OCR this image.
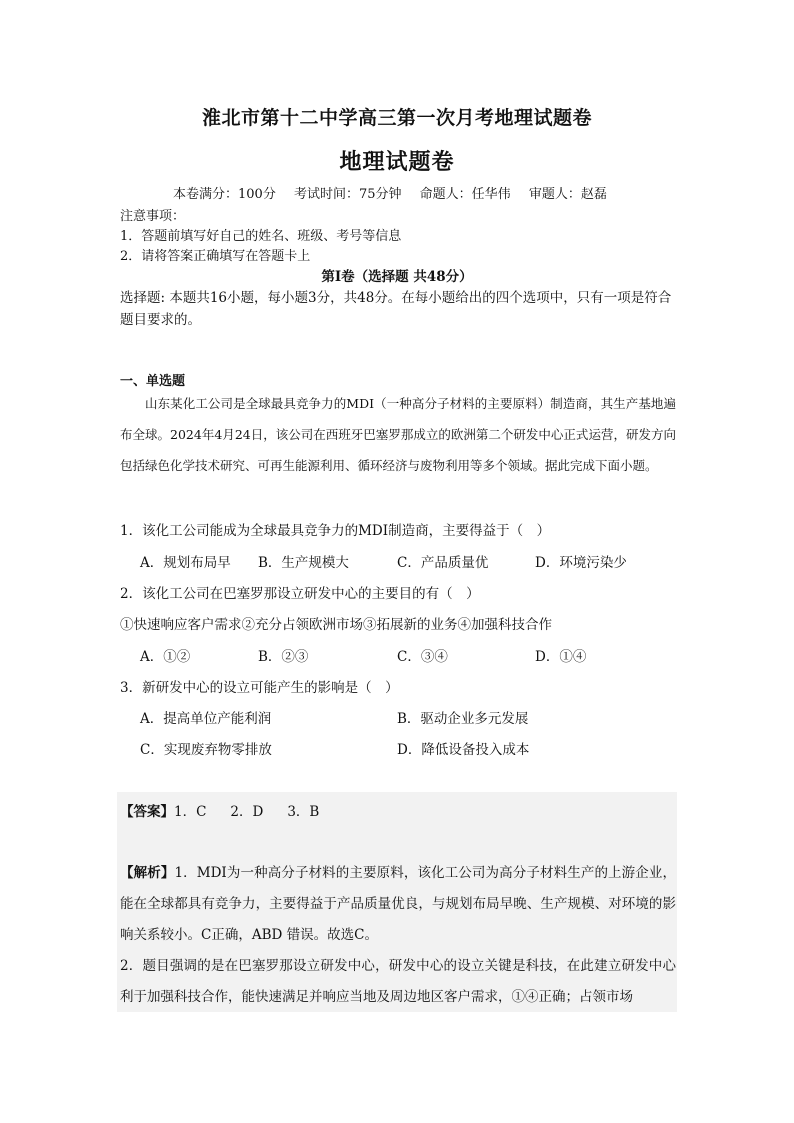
淮北市第十二中学高三第一次月考地理试题卷
地理试题卷
本卷满分：100分 考试时间：75分钟 命题人：任华伟 审题人：赵磊
注意事项：
1．答题前填写好自己的姓名、班级、考号等信息
2．请将答案正确填写在答题卡上
第Ⅰ卷（选择题 共48分）
选择题: 本题共16小题，每小题3分，共48分。在每小题给出的四个选项中，只有一项是符合题目要求的。
一、单选题

山东某化工公司是全球最具竞争力的MDI（一种高分子材料的主要原料）制造商，其生产基地遍布全球。2024年4月24日，该公司在西班牙巴塞罗那成立的欧洲第二个研发中心正式运营，研发方向包括绿色化学技术研究、可再生能源利用、循环经济与废物利用等多个领域。据此完成下面小题。

1．该化工公司能成为全球最具竞争力的MDI制造商，主要得益于（　）
A．规划布局早 B．生产规模大	C．产品质量优	D．环境污染少
2．该化工公司在巴塞罗那设立研发中心的主要目的有（　）
①快速响应客户需求②充分占领欧洲市场③拓展新的业务④加强科技合作
A．①②	B．②③	C．③④	D．①④
3．新研发中心的设立可能产生的影响是（　）
A．提高单位产能利润	B．驱动企业多元发展
C．实现废弃物零排放	D．降低设备投入成本
【答案】1．C 2．D 3．B

【解析】1．MDI为一种高分子材料的主要原料，该化工公司为高分子材料生产的上游企业，能在全球都具有竞争力，主要得益于产品质量优良，与规划布局早晚、生产规模、对环境的影响关系较小。C正确，ABD 错误。故选C。

2．题目强调的是在巴塞罗那设立研发中心，研发中心的设立关键是科技，在此建立研发中心利于加强科技合作，能快速满足并响应当地及周边地区客户需求，①④正确；占领市场
